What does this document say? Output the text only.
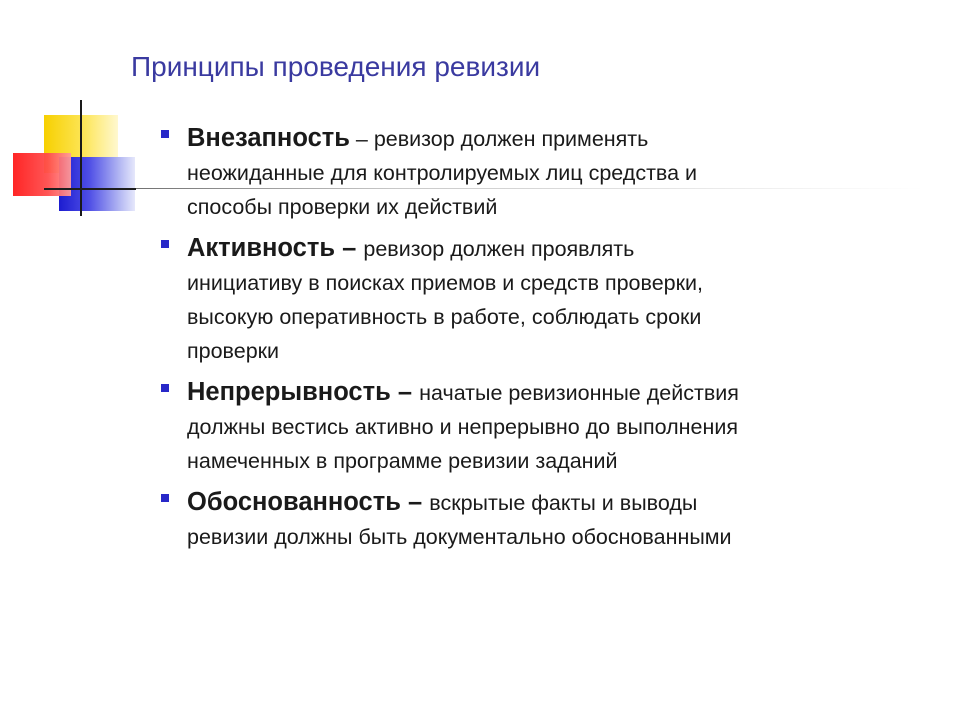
Принципы проведения ревизии
Внезапность – ревизор должен применять
неожиданные для контролируемых лиц средства и
способы проверки их действий
Активность – ревизор должен проявлять
инициативу в поисках приемов и средств проверки,
высокую оперативность в работе, соблюдать сроки
проверки
Непрерывность – начатые ревизионные действия
должны вестись активно и непрерывно до выполнения
намеченных в программе ревизии заданий
Обоснованность – вскрытые факты и выводы
ревизии должны быть документально обоснованными
